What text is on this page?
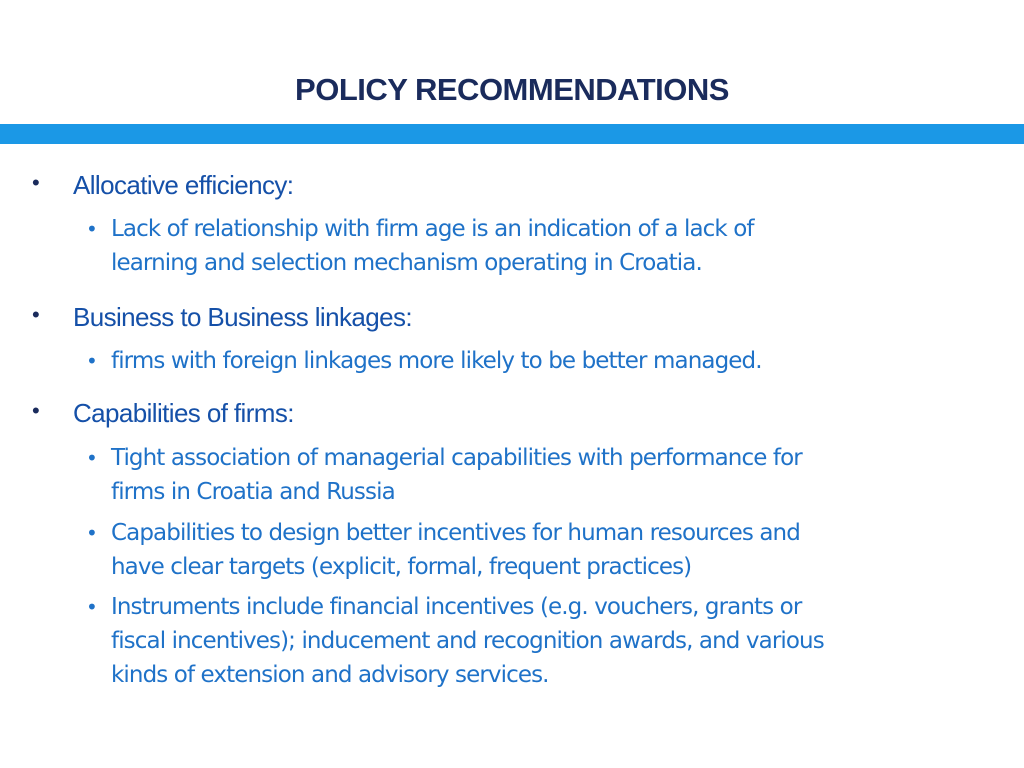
POLICY RECOMMENDATIONS
• Allocative efficiency:
• Lack of relationship with firm age is an indication of a lack of
learning and selection mechanism operating in Croatia.
• Business to Business linkages:
• firms with foreign linkages more likely to be better managed.
• Capabilities of firms:
• Tight association of managerial capabilities with performance for
firms in Croatia and Russia
• Capabilities to design better incentives for human resources and
have clear targets (explicit, formal, frequent practices)
• Instruments include financial incentives (e.g. vouchers, grants or
fiscal incentives); inducement and recognition awards, and various
kinds of extension and advisory services.
